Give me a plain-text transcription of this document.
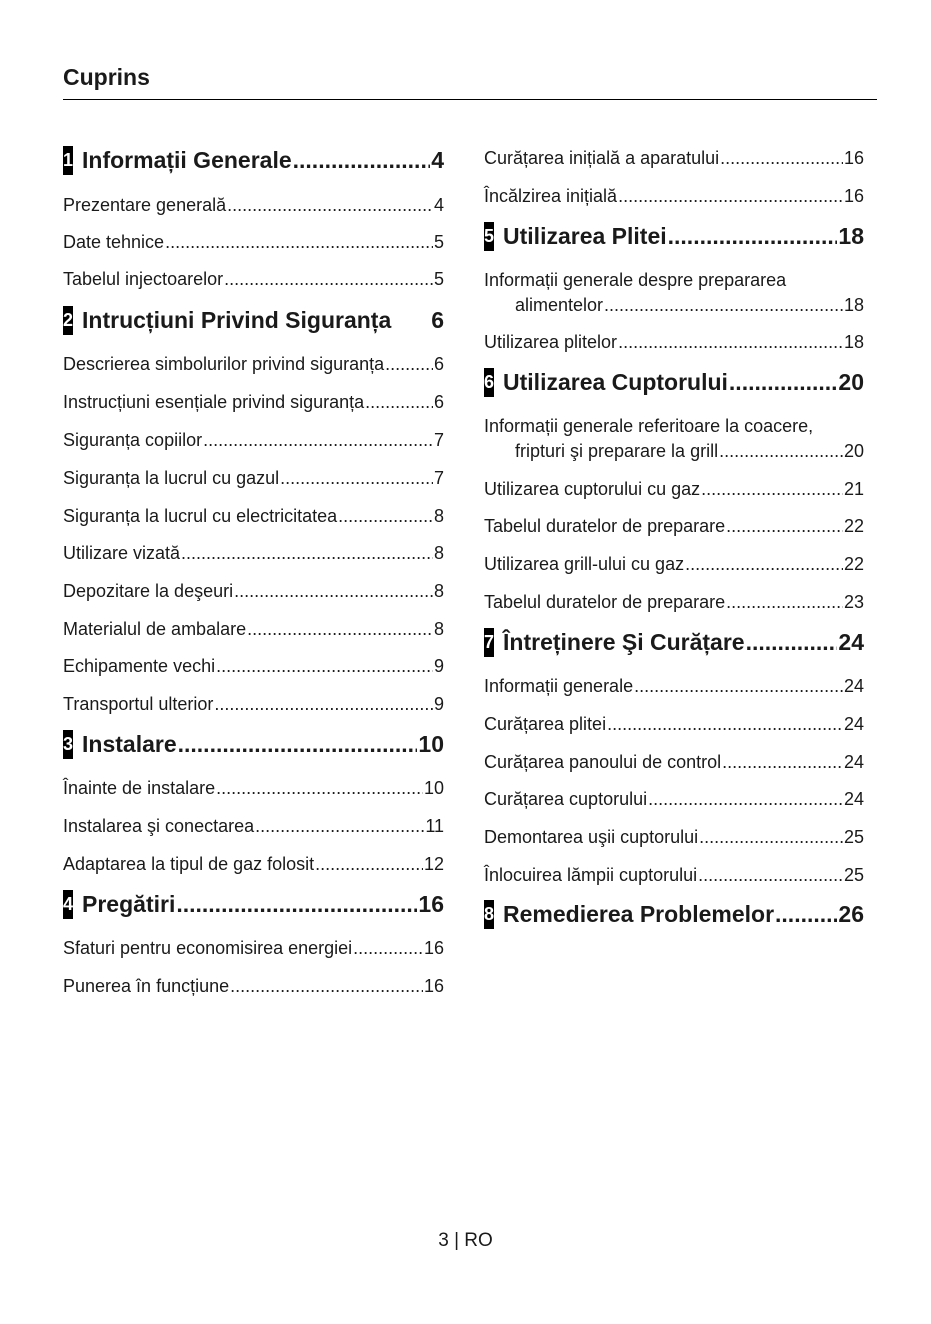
Cuprins
1 Informații Generale .....	4
Prezentare generală .....	4
Date tehnice .....	5
Tabelul injectoarelor .....	5
2 Intrucțiuni Privind Siguranța 6
Descrierea simbolurilor privind siguranța .....	6
Instrucțiuni esențiale privind siguranța .....	6
Siguranța copiilor .....	7
Siguranța la lucrul cu gazul .....	7
Siguranța la lucrul cu electricitatea .....	8
Utilizare vizată .....	8
Depozitare la deşeuri .....	8
Materialul de ambalare .....	8
Echipamente vechi .....	9
Transportul ulterior .....	9
3 Instalare .....	10
Înainte de instalare .....	10
Instalarea şi conectarea .....	11
Adaptarea la tipul de gaz folosit .....	12
4 Pregătiri .....	16
Sfaturi pentru economisirea energiei .....	16
Punerea în funcțiune .....	16
Curățarea inițială a aparatului .....	16
Încălzirea inițială .....	16
5 Utilizarea Plitei .....	18
Informații generale despre prepararea
alimentelor .....	18
Utilizarea plitelor .....	18
6 Utilizarea Cuptorului .....	20
Informații generale referitoare la coacere,
fripturi şi preparare la grill .....	20
Utilizarea cuptorului cu gaz .....	21
Tabelul duratelor de preparare .....	22
Utilizarea grill-ului cu gaz .....	22
Tabelul duratelor de preparare .....	23
7 Întreținere Şi Curățare .....	24
Informații generale .....	24
Curățarea plitei .....	24
Curățarea panoului de control .....	24
Curățarea cuptorului .....	24
Demontarea uşii cuptorului .....	25
Înlocuirea lămpii cuptorului .....	25
8 Remedierea Problemelor .....	26
3 | RO
